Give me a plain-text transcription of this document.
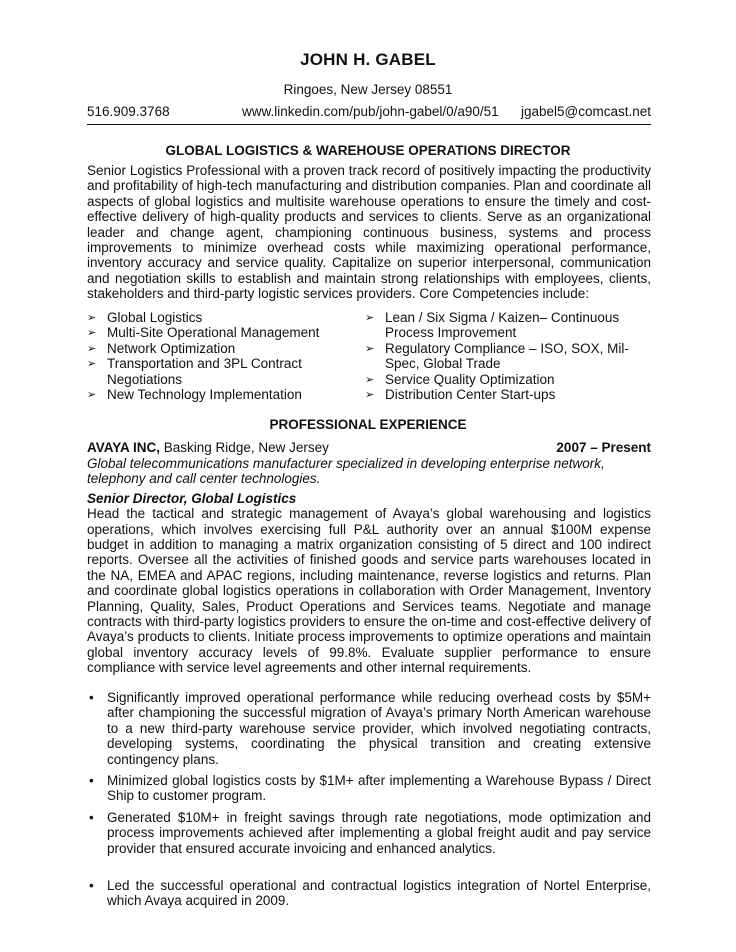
JOHN H. GABEL
Ringoes, New Jersey 08551
516.909.3768	www.linkedin.com/pub/john-gabel/0/a90/51 jgabel5@comcast.net
GLOBAL LOGISTICS & WAREHOUSE OPERATIONS DIRECTOR
Senior Logistics Professional with a proven track record of positively impacting the productivity and profitability of high-tech manufacturing and distribution companies. Plan and coordinate all aspects of global logistics and multisite warehouse operations to ensure the timely and cost-effective delivery of high-quality products and services to clients. Serve as an organizational leader and change agent, championing continuous business, systems and process improvements to minimize overhead costs while maximizing operational performance, inventory accuracy and service quality. Capitalize on superior interpersonal, communication and negotiation skills to establish and maintain strong relationships with employees, clients, stakeholders and third-party logistic services providers. Core Competencies include:
➢ Global Logistics
➢ Multi-Site Operational Management
➢ Network Optimization
➢ Transportation and 3PL Contract Negotiations
➢ New Technology Implementation
➢ Lean / Six Sigma / Kaizen– Continuous Process Improvement
➢ Regulatory Compliance – ISO, SOX, Mil-Spec, Global Trade
➢ Service Quality Optimization
➢ Distribution Center Start-ups
PROFESSIONAL EXPERIENCE
AVAYA INC, Basking Ridge, New Jersey	2007 – Present
Global telecommunications manufacturer specialized in developing enterprise network, telephony and call center technologies.
Senior Director, Global Logistics
Head the tactical and strategic management of Avaya’s global warehousing and logistics operations, which involves exercising full P&L authority over an annual $100M expense budget in addition to managing a matrix organization consisting of 5 direct and 100 indirect reports. Oversee all the activities of finished goods and service parts warehouses located in the NA, EMEA and APAC regions, including maintenance, reverse logistics and returns. Plan and coordinate global logistics operations in collaboration with Order Management, Inventory Planning, Quality, Sales, Product Operations and Services teams. Negotiate and manage contracts with third-party logistics providers to ensure the on-time and cost-effective delivery of Avaya’s products to clients. Initiate process improvements to optimize operations and maintain global inventory accuracy levels of 99.8%. Evaluate supplier performance to ensure compliance with service level agreements and other internal requirements.
• Significantly improved operational performance while reducing overhead costs by $5M+ after championing the successful migration of Avaya’s primary North American warehouse to a new third-party warehouse service provider, which involved negotiating contracts, developing systems, coordinating the physical transition and creating extensive contingency plans.
• Minimized global logistics costs by $1M+ after implementing a Warehouse Bypass / Direct Ship to customer program.
• Generated $10M+ in freight savings through rate negotiations, mode optimization and process improvements achieved after implementing a global freight audit and pay service provider that ensured accurate invoicing and enhanced analytics.
• Led the successful operational and contractual logistics integration of Nortel Enterprise, which Avaya acquired in 2009.
